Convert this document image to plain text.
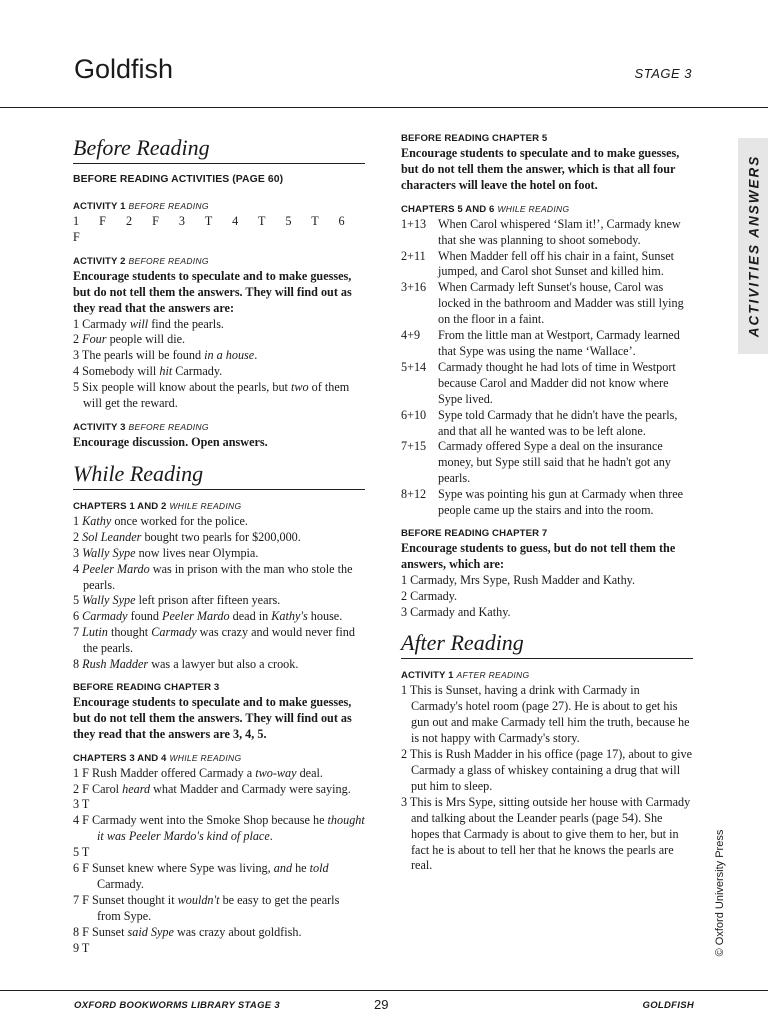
Goldfish	STAGE 3
ACTIVITIES ANSWERS
Before Reading
BEFORE READING ACTIVITIES (PAGE 60)
ACTIVITY 1 BEFORE READING
1 F 2 F 3 T 4 T 5 T 6 F
ACTIVITY 2 BEFORE READING
Encourage students to speculate and to make guesses, but do not tell them the answers. They will find out as they read that the answers are:
1 Carmady will find the pearls.
2 Four people will die.
3 The pearls will be found in a house.
4 Somebody will hit Carmady.
5 Six people will know about the pearls, but two of them will get the reward.
ACTIVITY 3 BEFORE READING
Encourage discussion. Open answers.
While Reading
CHAPTERS 1 AND 2 WHILE READING
1 Kathy once worked for the police.
2 Sol Leander bought two pearls for $200,000.
3 Wally Sype now lives near Olympia.
4 Peeler Mardo was in prison with the man who stole the pearls.
5 Wally Sype left prison after fifteen years.
6 Carmady found Peeler Mardo dead in Kathy's house.
7 Lutin thought Carmady was crazy and would never find the pearls.
8 Rush Madder was a lawyer but also a crook.
BEFORE READING CHAPTER 3
Encourage students to speculate and to make guesses, but do not tell them the answers. They will find out as they read that the answers are 3, 4, 5.
CHAPTERS 3 AND 4 WHILE READING
1 F Rush Madder offered Carmady a two-way deal.
2 F Carol heard what Madder and Carmady were saying.
3 T
4 F Carmady went into the Smoke Shop because he thought it was Peeler Mardo's kind of place.
5 T
6 F Sunset knew where Sype was living, and he told Carmady.
7 F Sunset thought it wouldn't be easy to get the pearls from Sype.
8 F Sunset said Sype was crazy about goldfish.
9 T
BEFORE READING CHAPTER 5
Encourage students to speculate and to make guesses, but do not tell them the answer, which is that all four characters will leave the hotel on foot.
CHAPTERS 5 AND 6 WHILE READING
1+13 When Carol whispered ‘Slam it!’, Carmady knew that she was planning to shoot somebody.
2+11 When Madder fell off his chair in a faint, Sunset jumped, and Carol shot Sunset and killed him.
3+16 When Carmady left Sunset's house, Carol was locked in the bathroom and Madder was still lying on the floor in a faint.
4+9 From the little man at Westport, Carmady learned that Sype was using the name ‘Wallace’.
5+14 Carmady thought he had lots of time in Westport because Carol and Madder did not know where Sype lived.
6+10 Sype told Carmady that he didn't have the pearls, and that all he wanted was to be left alone.
7+15 Carmady offered Sype a deal on the insurance money, but Sype still said that he hadn't got any pearls.
8+12 Sype was pointing his gun at Carmady when three people came up the stairs and into the room.
BEFORE READING CHAPTER 7
Encourage students to guess, but do not tell them the answers, which are:
1 Carmady, Mrs Sype, Rush Madder and Kathy.
2 Carmady.
3 Carmady and Kathy.
After Reading
ACTIVITY 1 AFTER READING
1 This is Sunset, having a drink with Carmady in Carmady's hotel room (page 27). He is about to get his gun out and make Carmady tell him the truth, because he is not happy with Carmady's story.
2 This is Rush Madder in his office (page 17), about to give Carmady a glass of whiskey containing a drug that will put him to sleep.
3 This is Mrs Sype, sitting outside her house with Carmady and talking about the Leander pearls (page 54). She hopes that Carmady is about to give them to her, but in fact he is about to tell her that he knows the pearls are real.	© Oxford University Press
OXFORD BOOKWORMS LIBRARY STAGE 3	29	GOLDFISH
